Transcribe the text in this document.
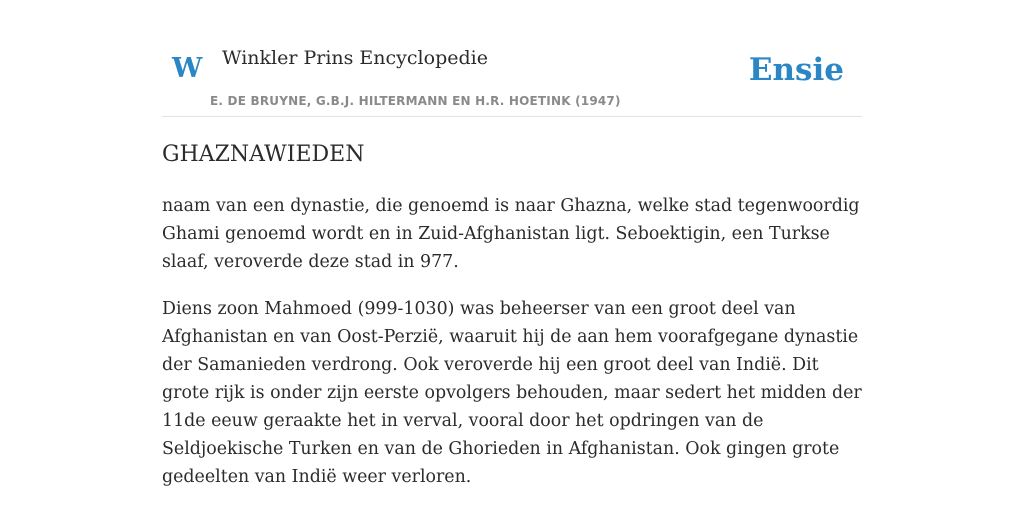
W Winkler Prins Encyclopedie	Ensie
E. DE BRUYNE, G.B.J. HILTERMANN EN H.R. HOETINK (1947)
GHAZNAWIEDEN

naam van een dynastie, die genoemd is naar Ghazna, welke stad tegenwoordig Ghami genoemd wordt en in Zuid-Afghanistan ligt. Seboektigin, een Turkse slaaf, veroverde deze stad in 977.

Diens zoon Mahmoed (999-1030) was beheerser van een groot deel van Afghanistan en van Oost-Perzië, waaruit hij de aan hem voorafgegane dynastie der Samanieden verdrong. Ook veroverde hij een groot deel van Indië. Dit grote rijk is onder zijn eerste opvolgers behouden, maar sedert het midden der 11de eeuw geraakte het in verval, vooral door het opdringen van de Seldjoekische Turken en van de Ghorieden in Afghanistan. Ook gingen grote gedeelten van Indië weer verloren.
